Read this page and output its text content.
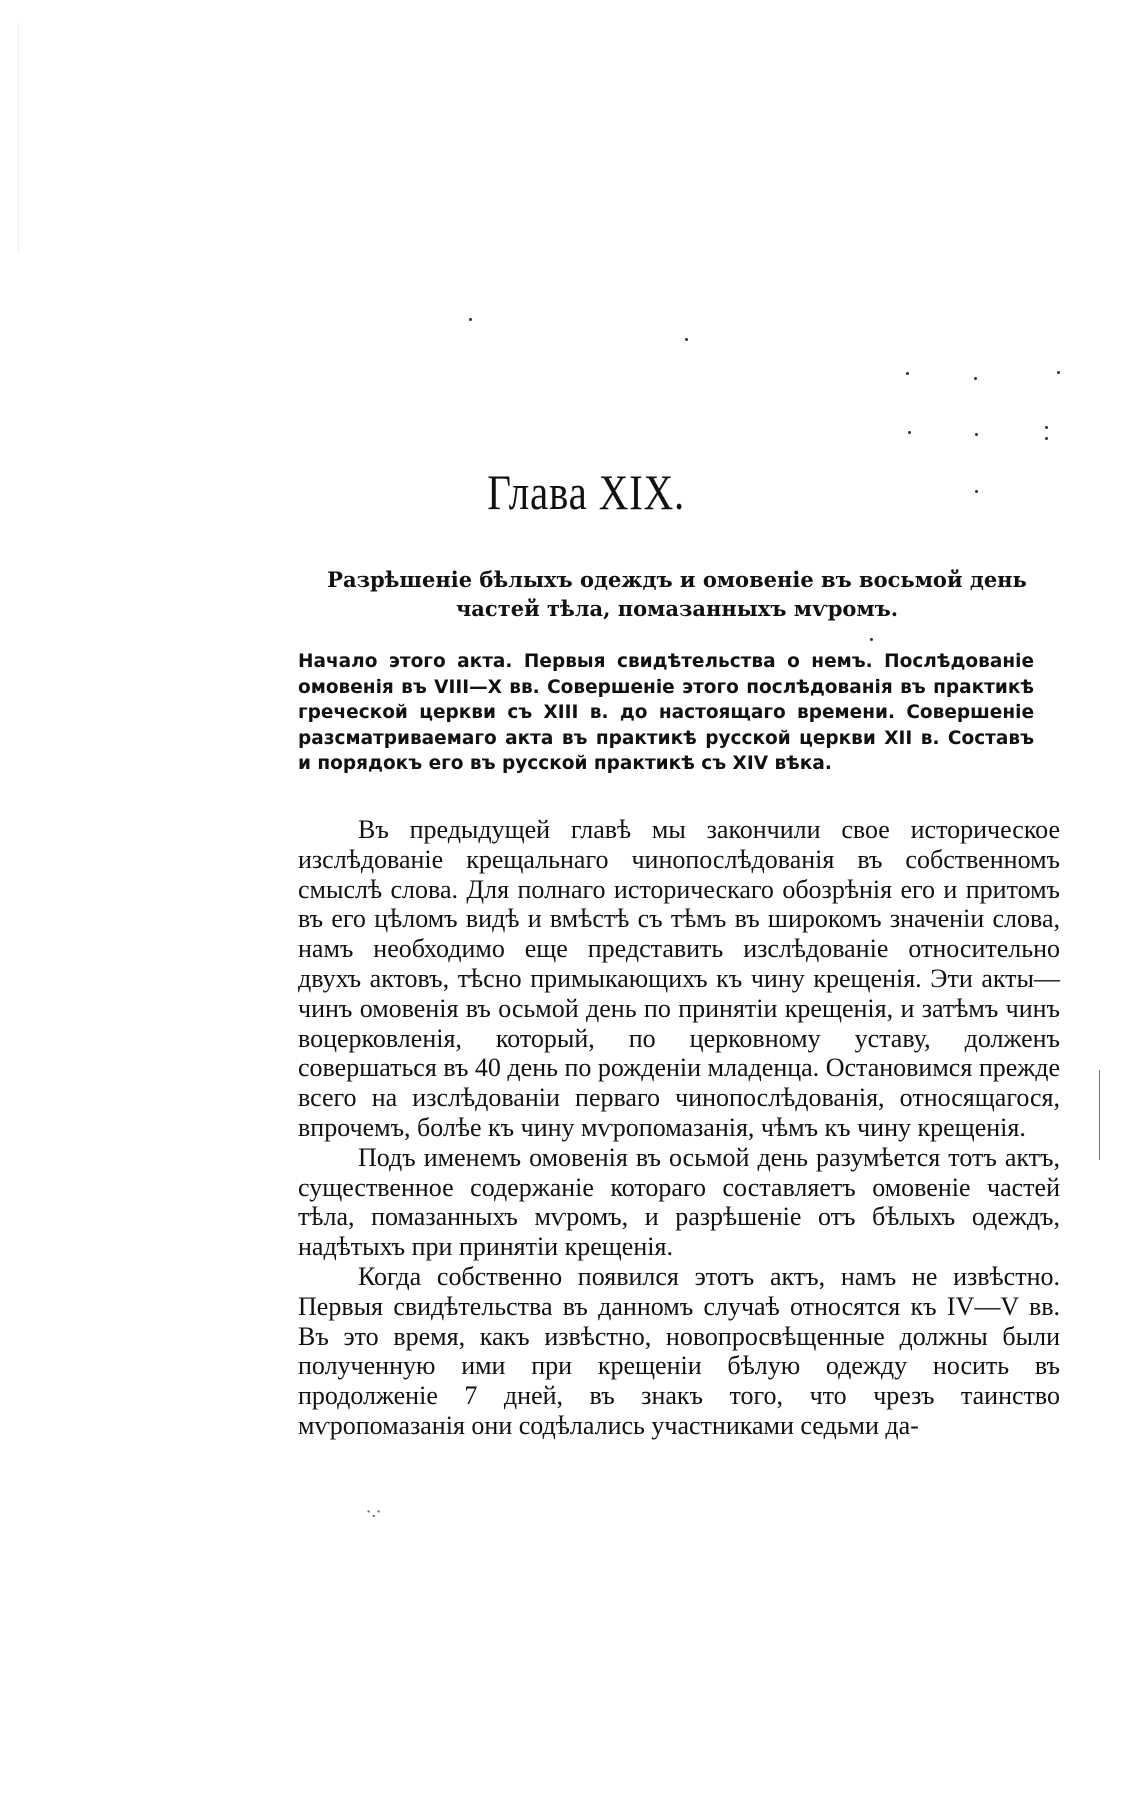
Глава XIX.

Разрѣшеніе бѣлыхъ одеждъ и омовеніе въ восьмой день частей тѣла, помазанныхъ мѵромъ.

Начало этого акта. Первыя свидѣтельства о немъ. Послѣдованіе омовенія въ VIII—X вв. Совершеніе этого послѣдованія въ практикѣ греческой церкви съ XIII в. до настоящаго времени. Совершеніе разсматриваемаго акта въ практикѣ русской церкви XII в. Составъ и порядокъ его въ русской практикѣ съ XIV вѣка.

Въ предыдущей главѣ мы закончили свое историческое изслѣдованіе крещальнаго чинопослѣдованія въ собственномъ смыслѣ слова. Для полнаго историческаго обозрѣнія его и притомъ въ его цѣломъ видѣ и вмѣстѣ съ тѣмъ въ широкомъ значеніи слова, намъ необходимо еще представить изслѣдованіе относительно двухъ актовъ, тѣсно примыкающихъ къ чину крещенія. Эти акты—чинъ омовенія въ осьмой день по принятіи крещенія, и затѣмъ чинъ воцерковленія, который, по церковному уставу, долженъ совершаться въ 40 день по рожденіи младенца. Остановимся прежде всего на изслѣдованіи перваго чинопослѣдованія, относящагося, впрочемъ, болѣе къ чину мѵропомазанія, чѣмъ къ чину крещенія.

Подъ именемъ омовенія въ осьмой день разумѣется тотъ актъ, существенное содержаніе котораго составляетъ омовеніе частей тѣла, помазанныхъ мѵромъ, и разрѣшеніе отъ бѣлыхъ одеждъ, надѣтыхъ при принятіи крещенія.

Когда собственно появился этотъ актъ, намъ не извѣстно. Первыя свидѣтельства въ данномъ случаѣ относятся къ IV—V вв. Въ это время, какъ извѣстно, новопросвѣщенные должны были полученную ими при крещеніи бѣлую одежду носить въ продолженіе 7 дней, въ знакъ того, что чрезъ таинство мѵропомазанія они содѣлались участниками седьми да-

·.·
